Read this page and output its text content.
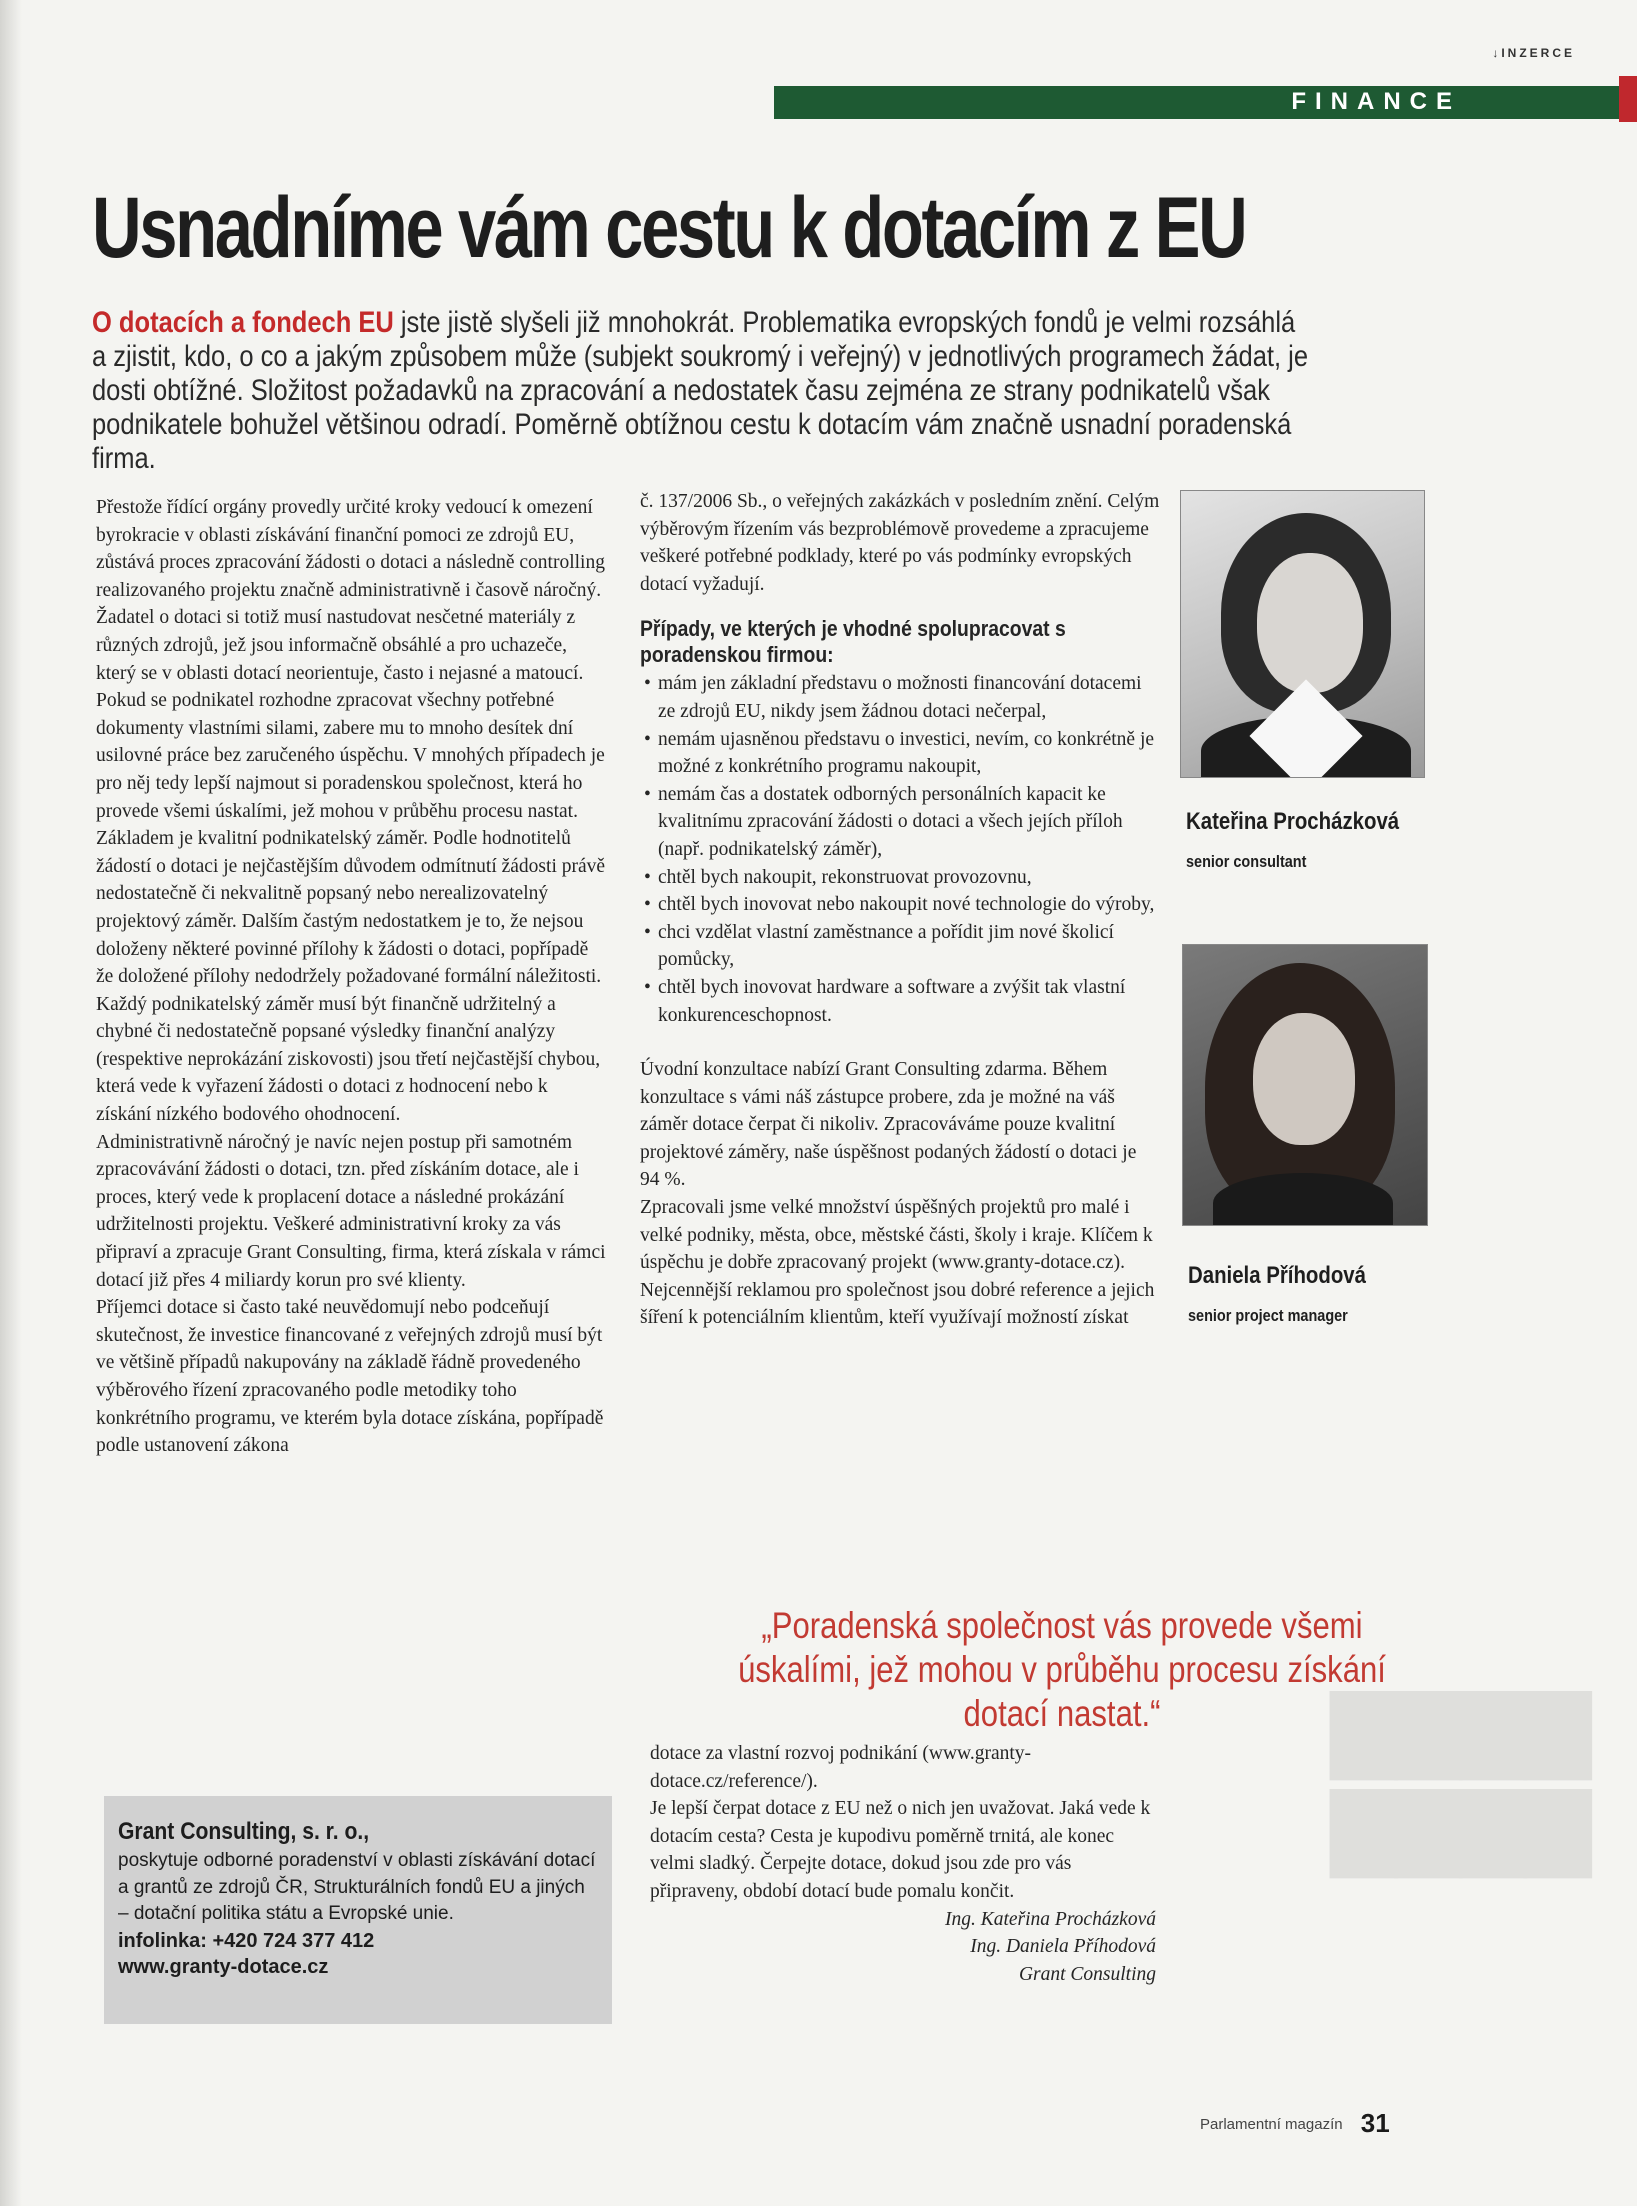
↓INZERCE
FINANCE
Usnadníme vám cestu k dotacím z EU
O dotacích a fondech EU jste jistě slyšeli již mnohokrát. Problematika evropských fondů je velmi rozsáhlá a zjistit, kdo, o co a jakým způsobem může (subjekt soukromý i veřejný) v jednotlivých programech žádat, je dosti obtížné. Složitost požadavků na zpracování a nedostatek času zejména ze strany podnikatelů však podnikatele bohužel většinou odradí. Poměrně obtížnou cestu k dotacím vám značně usnadní poradenská firma.

Přestože řídící orgány provedly určité kroky vedoucí k omezení byrokracie v oblasti získávání finanční pomoci ze zdrojů EU, zůstává proces zpracování žádosti o dotaci a následně controlling realizovaného projektu značně administrativně i časově náročný.

Žadatel o dotaci si totiž musí nastudovat nesčetné materiály z různých zdrojů, jež jsou informačně obsáhlé a pro uchazeče, který se v oblasti dotací neorientuje, často i nejasné a matoucí. Pokud se podnikatel rozhodne zpracovat všechny potřebné dokumenty vlastními silami, zabere mu to mnoho desítek dní usilovné práce bez zaručeného úspěchu. V mnohých případech je pro něj tedy lepší najmout si poradenskou společnost, která ho provede všemi úskalími, jež mohou v průběhu procesu nastat.

Základem je kvalitní podnikatelský záměr. Podle hodnotitelů žádostí o dotaci je nejčastějším důvodem odmítnutí žádosti právě nedostatečně či nekvalitně popsaný nebo nerealizovatelný projektový záměr. Dalším častým nedostatkem je to, že nejsou doloženy některé povinné přílohy k žádosti o dotaci, popřípadě že doložené přílohy nedodržely požadované formální náležitosti. Každý podnikatelský záměr musí být finančně udržitelný a chybné či nedostatečně popsané výsledky finanční analýzy (respektive neprokázání ziskovosti) jsou třetí nejčastější chybou, která vede k vyřazení žádosti o dotaci z hodnocení nebo k získání nízkého bodového ohodnocení.

Administrativně náročný je navíc nejen postup při samotném zpracovávání žádosti o dotaci, tzn. před získáním dotace, ale i proces, který vede k proplacení dotace a následné prokázání udržitelnosti projektu. Veškeré administrativní kroky za vás připraví a zpracuje Grant Consulting, firma, která získala v rámci dotací již přes 4 miliardy korun pro své klienty.

Příjemci dotace si často také neuvědomují nebo podceňují skutečnost, že investice financované z veřejných zdrojů musí být ve většině případů nakupovány na základě řádně provedeného výběrového řízení zpracovaného podle metodiky toho konkrétního programu, ve kterém byla dotace získána, popřípadě podle ustanovení zákona

č. 137/2006 Sb., o veřejných zakázkách v posledním znění. Celým výběrovým řízením vás bezproblémově provedeme a zpracujeme veškeré potřebné podklady, které po vás podmínky evropských dotací vyžadují.

Případy, ve kterých je vhodné spolupracovat s poradenskou firmou:
• mám jen základní představu o možnosti financování dotacemi ze zdrojů EU, nikdy jsem žádnou dotaci nečerpal,
• nemám ujasněnou představu o investici, nevím, co konkrétně je možné z konkrétního programu nakoupit,
• nemám čas a dostatek odborných personálních kapacit ke kvalitnímu zpracování žádosti o dotaci a všech jejích příloh (např. podnikatelský záměr),
• chtěl bych nakoupit, rekonstruovat provozovnu,
• chtěl bych inovovat nebo nakoupit nové technologie do výroby,
• chci vzdělat vlastní zaměstnance a pořídit jim nové školicí pomůcky,
• chtěl bych inovovat hardware a software a zvýšit tak vlastní konkurenceschopnost.

Úvodní konzultace nabízí Grant Consulting zdarma. Během konzultace s vámi náš zástupce probere, zda je možné na váš záměr dotace čerpat či nikoliv. Zpracováváme pouze kvalitní projektové záměry, naše úspěšnost podaných žádostí o dotaci je 94 %.

Zpracovali jsme velké množství úspěšných projektů pro malé i velké podniky, města, obce, městské části, školy i kraje. Klíčem k úspěchu je dobře zpracovaný projekt (www.granty-dotace.cz). Nejcennější reklamou pro společnost jsou dobré reference a jejich šíření k potenciálním klientům, kteří využívají možností získat

Kateřina Procházková
senior consultant
Daniela Příhodová
senior project manager
▇▇▇▇
▇▇▇▇
„Poradenská společnost vás provede všemi úskalími, jež mohou v průběhu procesu získání dotací nastat.“

dotace za vlastní rozvoj podnikání (www.granty-dotace.cz/reference/).

Je lepší čerpat dotace z EU než o nich jen uvažovat. Jaká vede k dotacím cesta? Cesta je kupodivu poměrně trnitá, ale konec velmi sladký. Čerpejte dotace, dokud jsou zde pro vás připraveny, období dotací bude pomalu končit.

Ing. Kateřina Procházková
Ing. Daniela Příhodová
Grant Consulting
Grant Consulting, s. r. o.,
poskytuje odborné poradenství v oblasti získávání dotací a grantů ze zdrojů ČR, Strukturálních fondů EU a jiných – dotační politika státu a Evropské unie.
infolinka: +420 724 377 412
www.granty-dotace.cz
Parlamentní magazín 31
